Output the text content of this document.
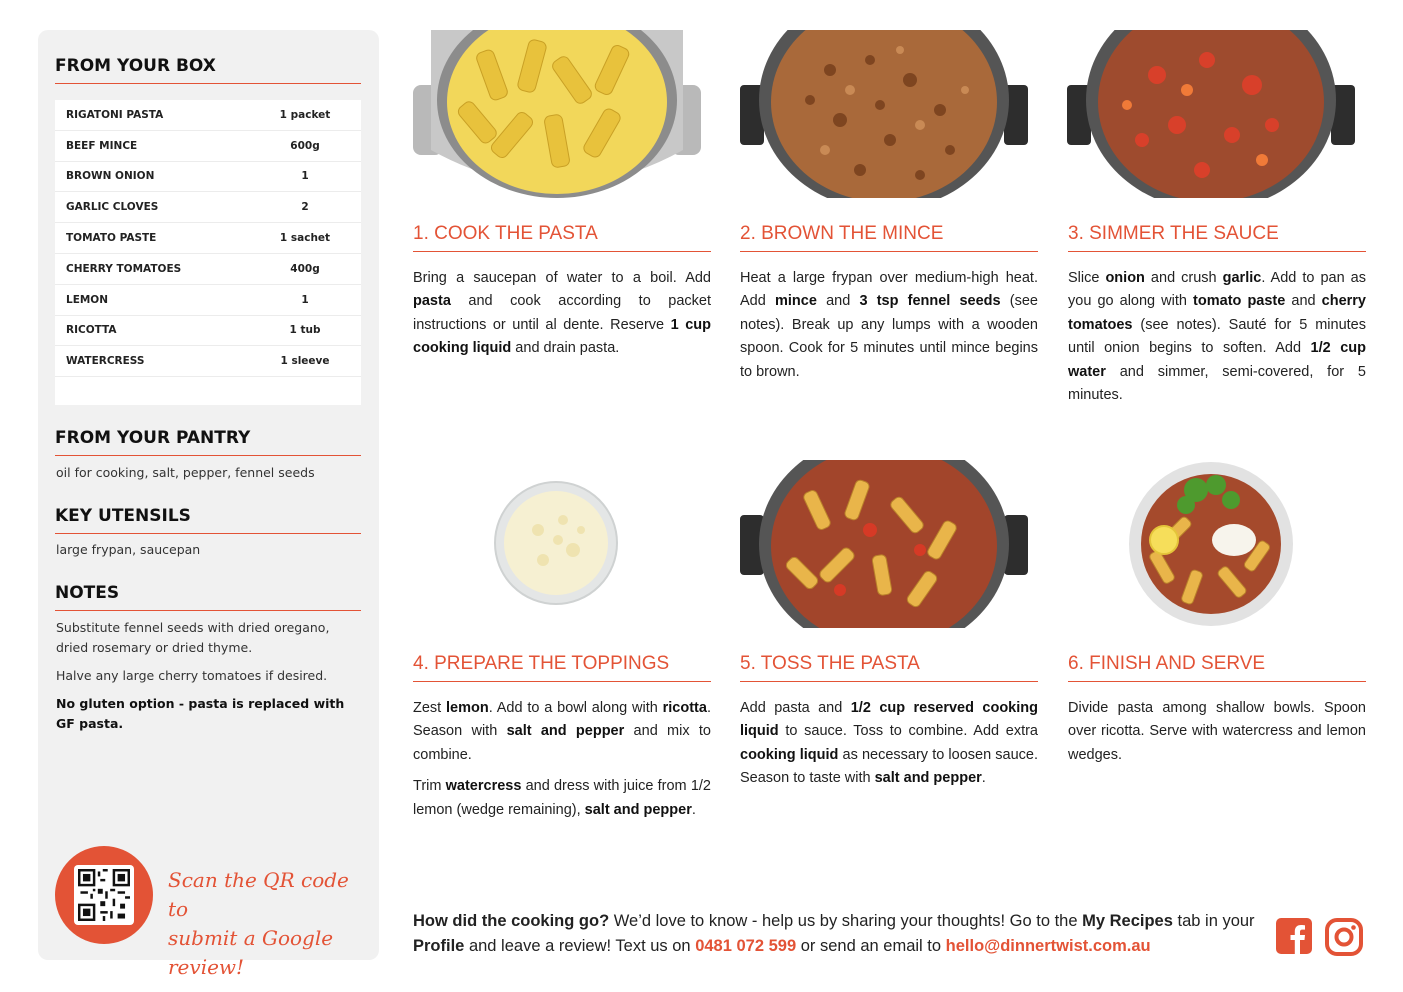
FROM YOUR BOX
RIGATONI PASTA	1 packet
BEEF MINCE	600g
BROWN ONION	1
GARLIC CLOVES	2
TOMATO PASTE	1 sachet
CHERRY TOMATOES	400g
LEMON	1
RICOTTA	1 tub
WATERCRESS	1 sleeve
FROM YOUR PANTRY
oil for cooking, salt, pepper, fennel seeds
KEY UTENSILS
large frypan, saucepan
NOTES
Substitute fennel seeds with dried oregano, dried rosemary or dried thyme.
Halve any large cherry tomatoes if desired.
No gluten option - pasta is replaced with GF pasta.
Scan the QR code to
submit a Google review!
1. COOK THE PASTA

Bring a saucepan of water to a boil. Add pasta and cook according to packet instructions or until al dente. Reserve 1 cup cooking liquid and drain pasta.

2. BROWN THE MINCE

Heat a large frypan over medium-high heat. Add mince and 3 tsp fennel seeds (see notes). Break up any lumps with a wooden spoon. Cook for 5 minutes until mince begins to brown.

3. SIMMER THE SAUCE

Slice onion and crush garlic. Add to pan as you go along with tomato paste and cherry tomatoes (see notes). Sauté for 5 minutes until onion begins to soften. Add 1/2 cup water and simmer, semi-covered, for 5 minutes.

4. PREPARE THE TOPPINGS

Zest lemon. Add to a bowl along with ricotta. Season with salt and pepper and mix to combine.

Trim watercress and dress with juice from 1/2 lemon (wedge remaining), salt and pepper.

5. TOSS THE PASTA

Add pasta and 1/2 cup reserved cooking liquid to sauce. Toss to combine. Add extra cooking liquid as necessary to loosen sauce. Season to taste with salt and pepper.

6. FINISH AND SERVE

Divide pasta among shallow bowls. Spoon over ricotta. Serve with watercress and lemon wedges.

How did the cooking go? We’d love to know - help us by sharing your thoughts! Go to the My Recipes tab in your Profile and leave a review! Text us on 0481 072 599 or send an email to hello@dinnertwist.com.au
